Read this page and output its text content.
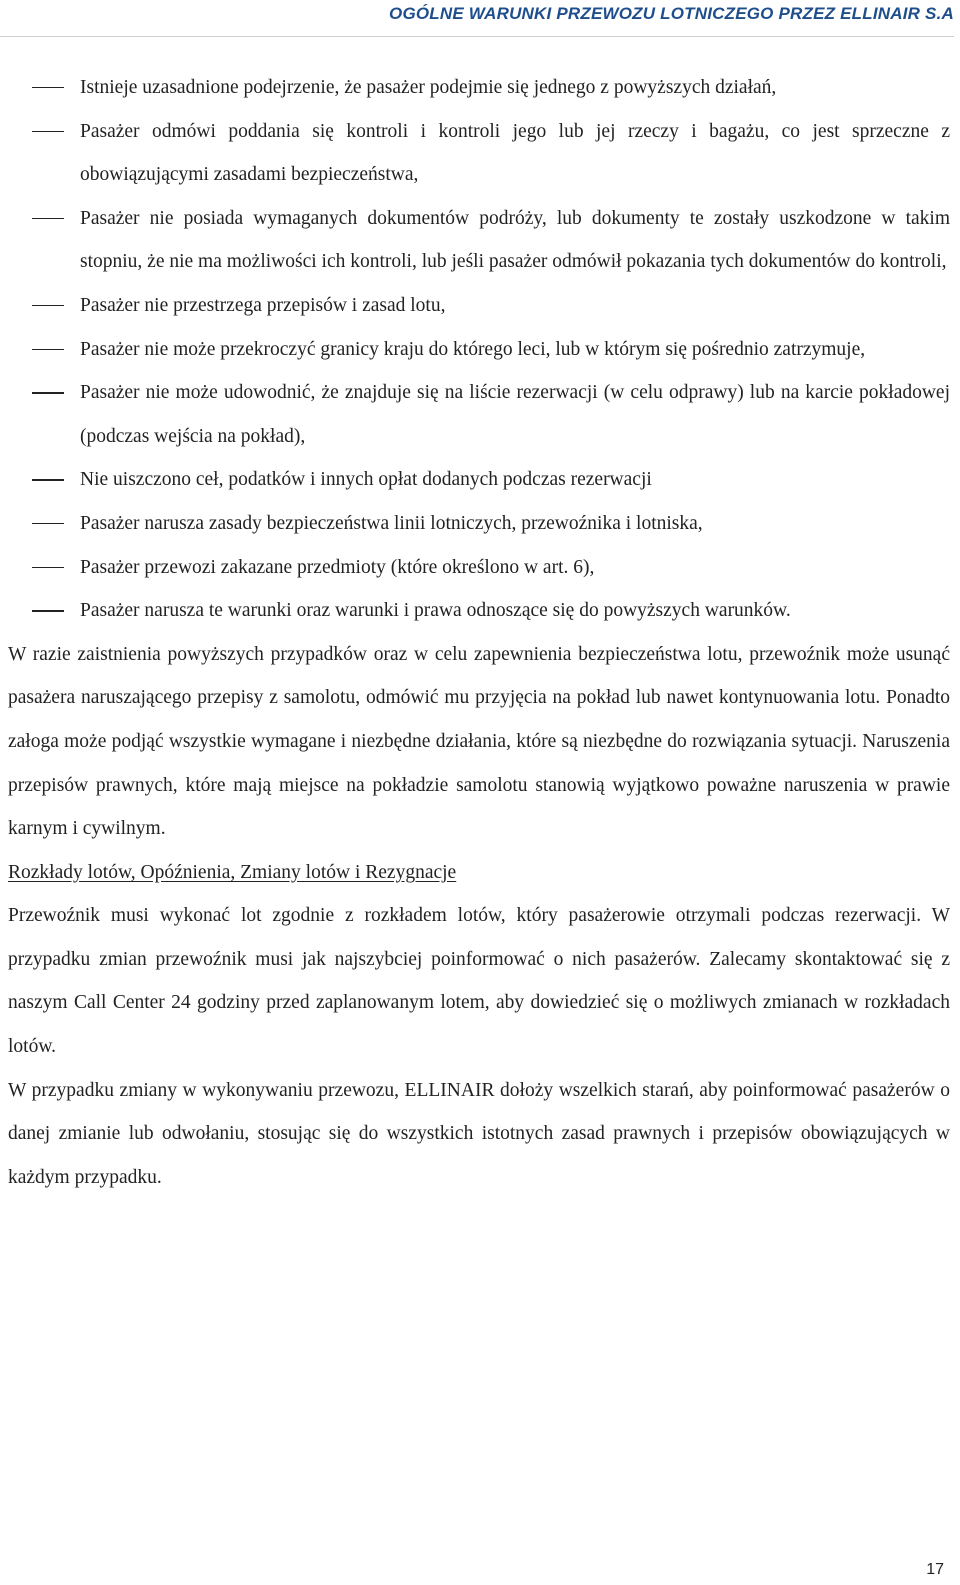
OGÓLNE WARUNKI PRZEWOZU LOTNICZEGO PRZEZ ELLINAIR S.A
Istnieje uzasadnione podejrzenie, że pasażer podejmie się jednego z powyższych działań,
Pasażer odmówi poddania się kontroli i kontroli jego lub jej rzeczy i bagażu, co jest sprzeczne z obowiązującymi zasadami bezpieczeństwa,
Pasażer nie posiada wymaganych dokumentów podróży, lub dokumenty te zostały uszkodzone w takim stopniu, że nie ma możliwości ich kontroli, lub jeśli pasażer odmówił pokazania tych dokumentów do kontroli,
Pasażer nie przestrzega przepisów i zasad lotu,
Pasażer nie może przekroczyć granicy kraju do którego leci, lub w którym się pośrednio zatrzymuje,
Pasażer nie może udowodnić, że znajduje się na liście rezerwacji (w celu odprawy) lub na karcie pokładowej (podczas wejścia na pokład),
Nie uiszczono ceł, podatków i innych opłat dodanych podczas rezerwacji
Pasażer narusza zasady bezpieczeństwa linii lotniczych, przewoźnika i lotniska,
Pasażer przewozi zakazane przedmioty (które określono w art. 6),
Pasażer narusza te warunki oraz warunki i prawa odnoszące się do powyższych warunków.

W razie zaistnienia powyższych przypadków oraz w celu zapewnienia bezpieczeństwa lotu, przewoźnik może usunąć pasażera naruszającego przepisy z samolotu, odmówić mu przyjęcia na pokład lub nawet kontynuowania lotu. Ponadto załoga może podjąć wszystkie wymagane i niezbędne działania, które są niezbędne do rozwiązania sytuacji. Naruszenia przepisów prawnych, które mają miejsce na pokładzie samolotu stanowią wyjątkowo poważne naruszenia w prawie karnym i cywilnym.

Rozkłady lotów, Opóźnienia, Zmiany lotów i Rezygnacje

Przewoźnik musi wykonać lot zgodnie z rozkładem lotów, który pasażerowie otrzymali podczas rezerwacji. W przypadku zmian przewoźnik musi jak najszybciej poinformować o nich pasażerów. Zalecamy skontaktować się z naszym Call Center 24 godziny przed zaplanowanym lotem, aby dowiedzieć się o możliwych zmianach w rozkładach lotów.

W przypadku zmiany w wykonywaniu przewozu, ELLINAIR dołoży wszelkich starań, aby poinformować pasażerów o danej zmianie lub odwołaniu, stosując się do wszystkich istotnych zasad prawnych i przepisów obowiązujących w każdym przypadku.

17
